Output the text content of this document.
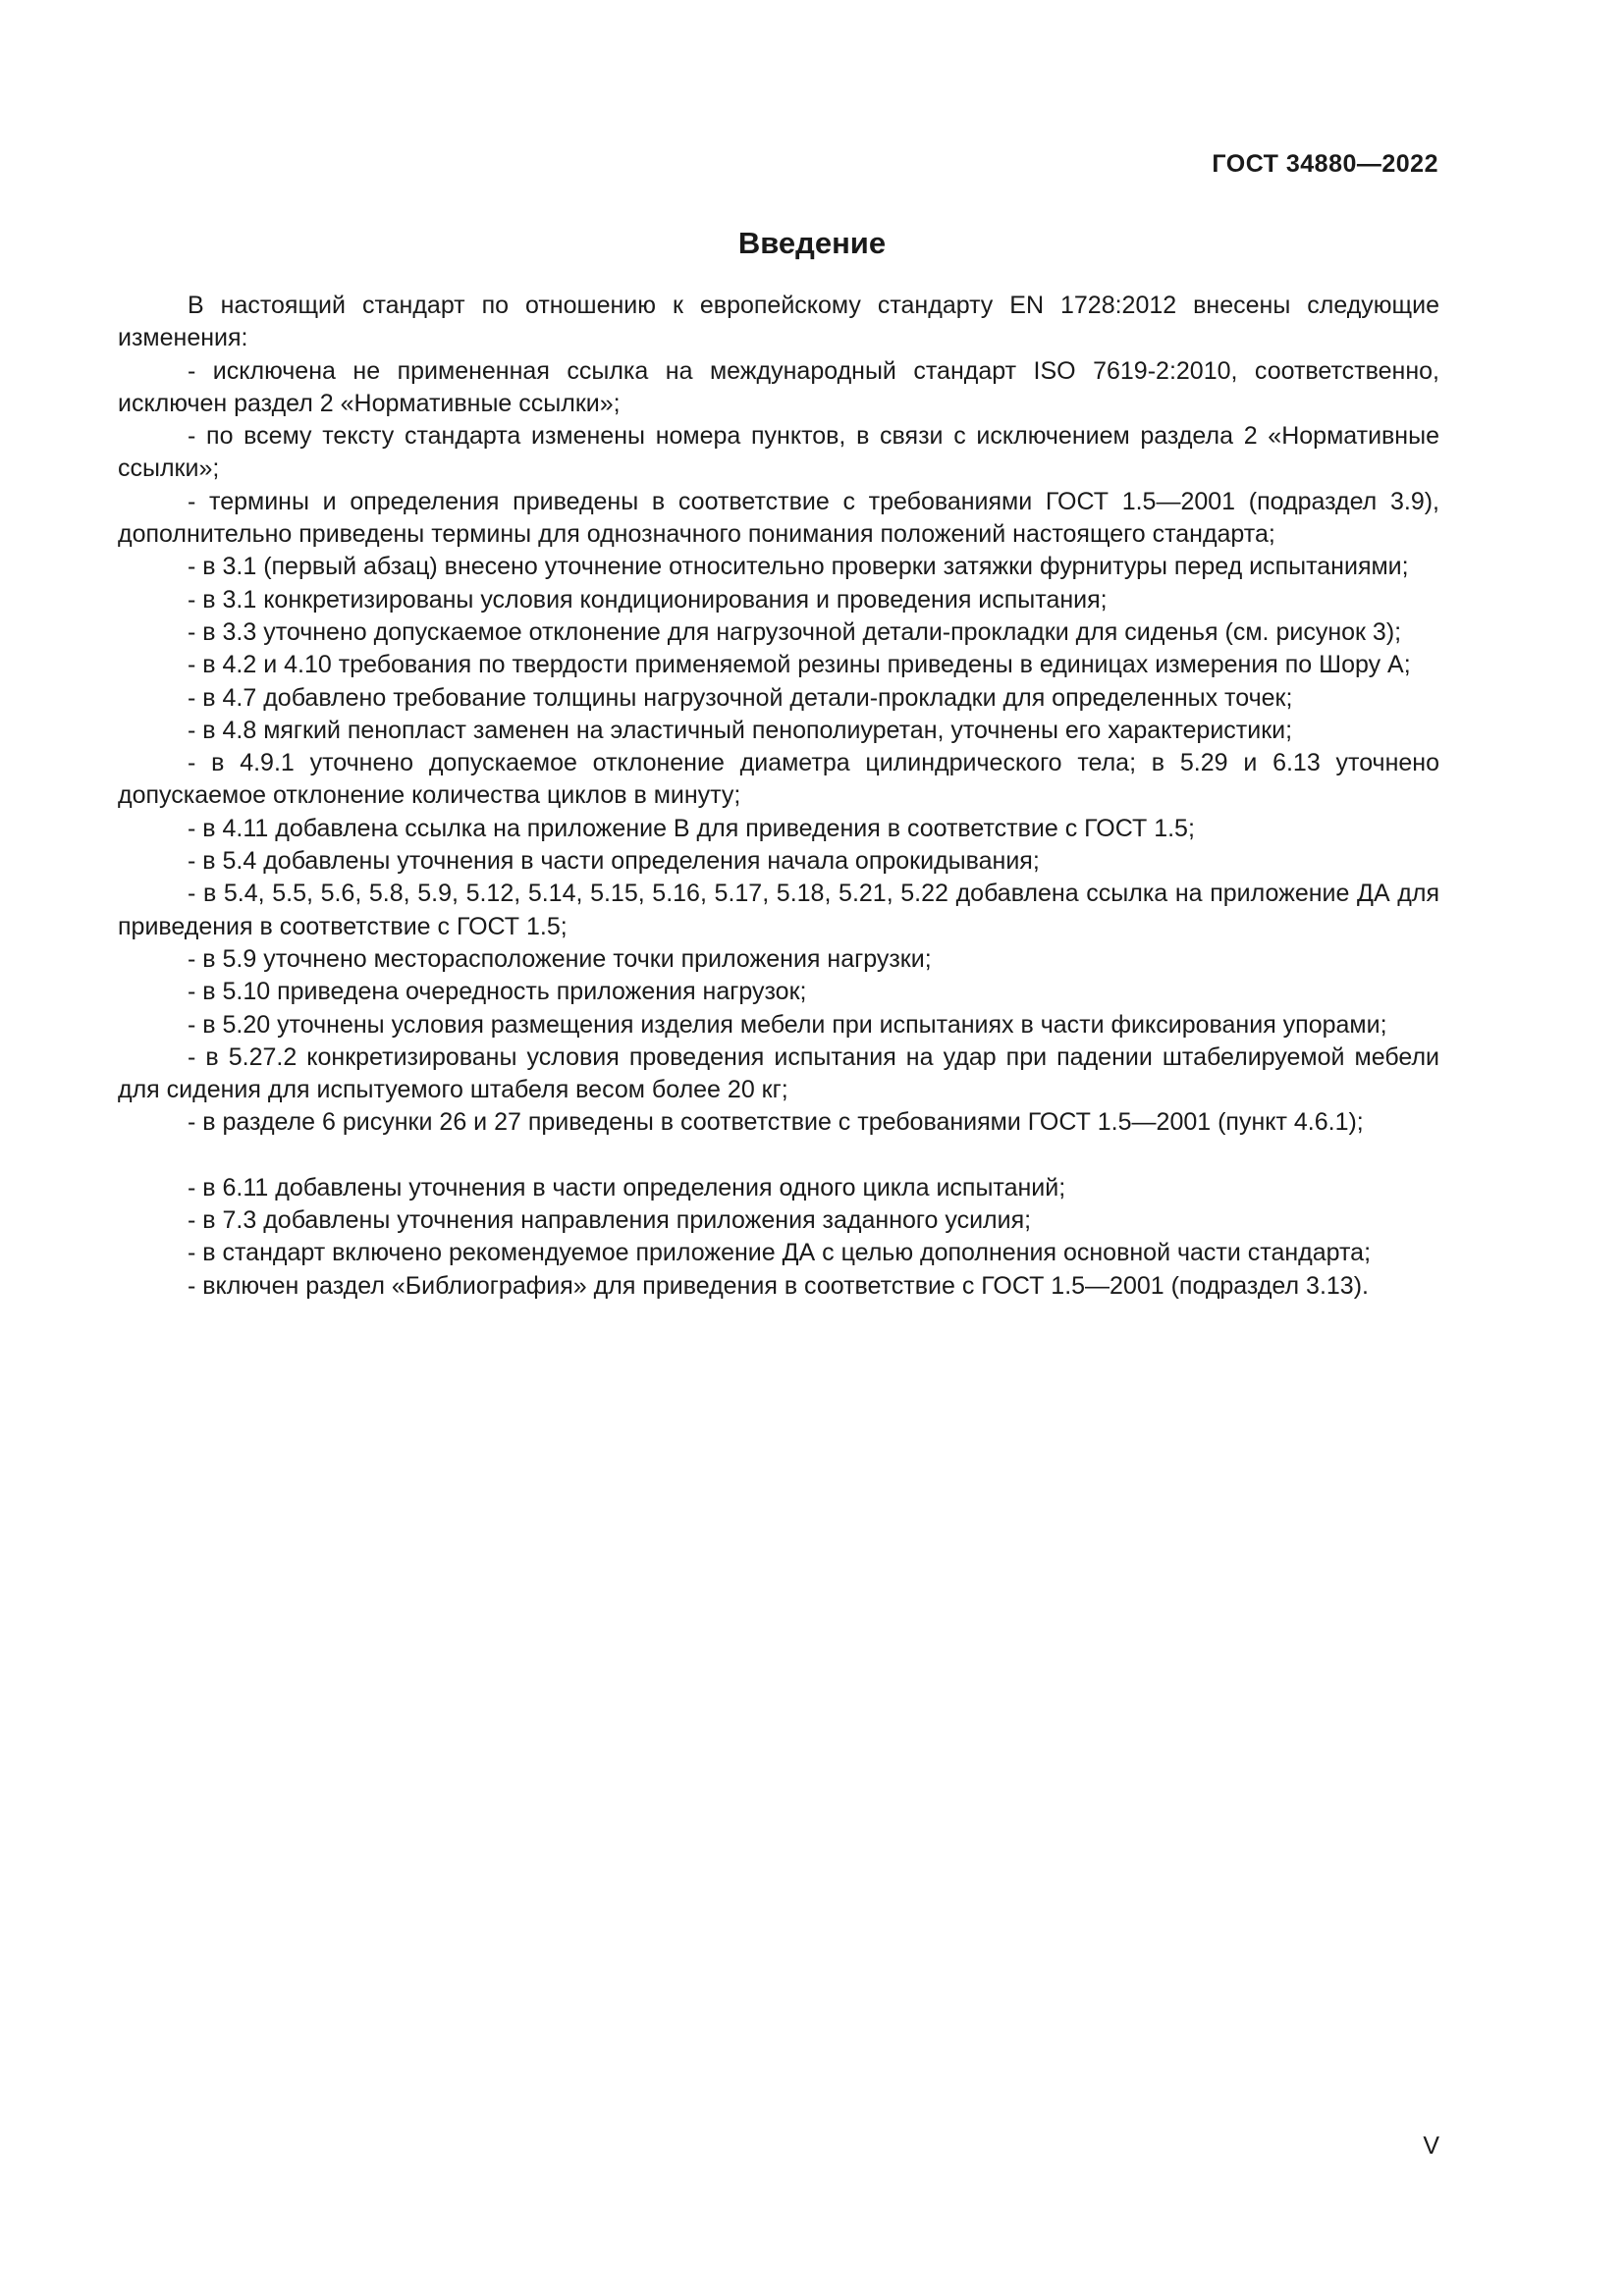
ГОСТ 34880—2022
Введение

В настоящий стандарт по отношению к европейскому стандарту EN 1728:2012 внесены следующие изменения:

- исключена не примененная ссылка на международный стандарт ISO 7619-2:2010, соответственно, исключен раздел 2 «Нормативные ссылки»;

- по всему тексту стандарта изменены номера пунктов, в связи с исключением раздела 2 «Нормативные ссылки»;

- термины и определения приведены в соответствие с требованиями ГОСТ 1.5—2001 (подраздел 3.9), дополнительно приведены термины для однозначного понимания положений настоящего стандарта;

- в 3.1 (первый абзац) внесено уточнение относительно проверки затяжки фурнитуры перед испытаниями;

- в 3.1 конкретизированы условия кондиционирования и проведения испытания;

- в 3.3 уточнено допускаемое отклонение для нагрузочной детали-прокладки для сиденья (см. рисунок 3);

- в 4.2 и 4.10 требования по твердости применяемой резины приведены в единицах измерения по Шору А;

- в 4.7 добавлено требование толщины нагрузочной детали-прокладки для определенных точек;

- в 4.8 мягкий пенопласт заменен на эластичный пенополиуретан, уточнены его характеристики;

- в 4.9.1 уточнено допускаемое отклонение диаметра цилиндрического тела; в 5.29 и 6.13 уточнено допускаемое отклонение количества циклов в минуту;

- в 4.11 добавлена ссылка на приложение В для приведения в соответствие с ГОСТ 1.5;

- в 5.4 добавлены уточнения в части определения начала опрокидывания;

- в 5.4, 5.5, 5.6, 5.8, 5.9, 5.12, 5.14, 5.15, 5.16, 5.17, 5.18, 5.21, 5.22 добавлена ссылка на приложение ДА для приведения в соответствие с ГОСТ 1.5;

- в 5.9 уточнено месторасположение точки приложения нагрузки;

- в 5.10 приведена очередность приложения нагрузок;

- в 5.20 уточнены условия размещения изделия мебели при испытаниях в части фиксирования упорами;

- в 5.27.2 конкретизированы условия проведения испытания на удар при падении штабелируемой мебели для сидения для испытуемого штабеля весом более 20 кг;

- в разделе 6 рисунки 26 и 27 приведены в соответствие с требованиями ГОСТ 1.5—2001 (пункт 4.6.1);

- в 6.11 добавлены уточнения в части определения одного цикла испытаний;

- в 7.3 добавлены уточнения направления приложения заданного усилия;

- в стандарт включено рекомендуемое приложение ДА с целью дополнения основной части стандарта;

- включен раздел «Библиография» для приведения в соответствие с ГОСТ 1.5—2001 (подраздел 3.13).

V
